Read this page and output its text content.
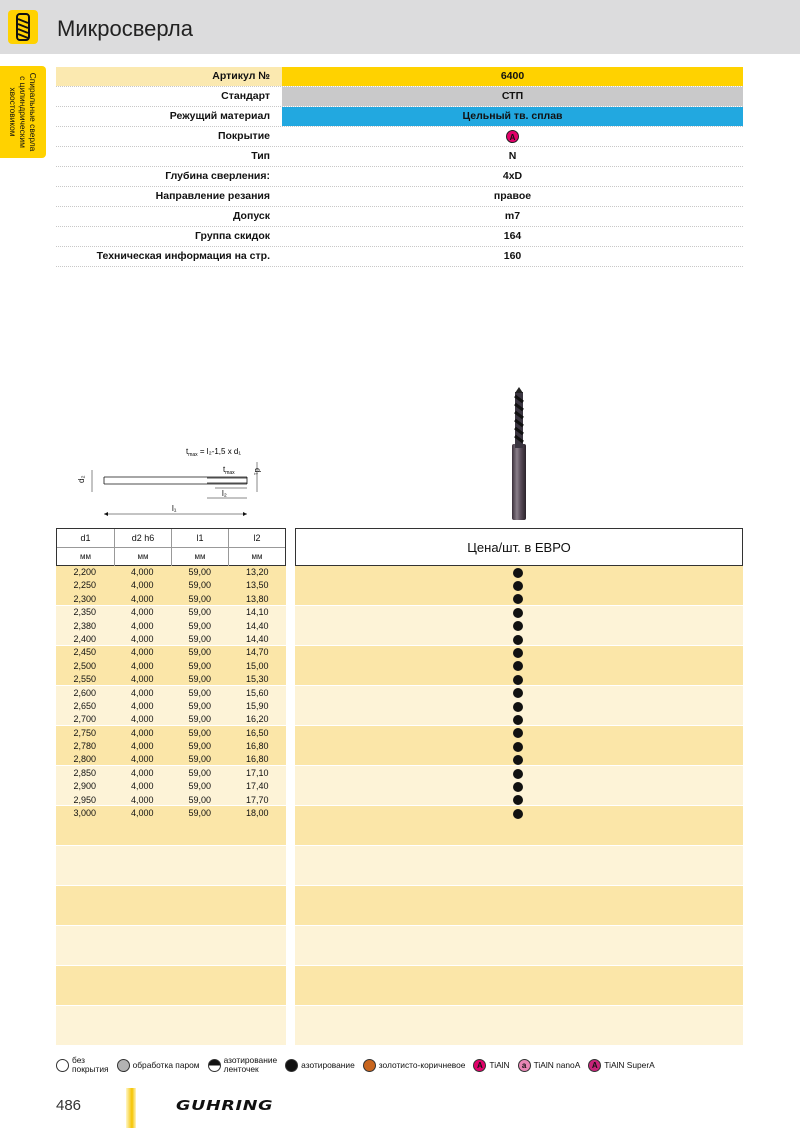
Микросверла
Спиральные сверла
с цилиндрическим
хвостовиком
Артикул №	6400
Стандарт	СТП
Режущий материал	Цельный тв. сплав
Покрытие	A
Тип	N
Глубина сверления:	4xD
Направление резания	правое
Допуск	m7
Группа скидок	164
Техническая информация на стр.	160
$t_{max} = l_2-1,5$ x d₁
d₂
d₁
$t_{max}$
l₂
l₁
d1	d2 h6	l1	l2
мм	мм	мм	мм
Цена/шт. в ЕВРО
2,200	4,000	59,00	13,20
2,250	4,000	59,00	13,50
2,300	4,000	59,00	13,80
2,350	4,000	59,00	14,10
2,380	4,000	59,00	14,40
2,400	4,000	59,00	14,40
2,450	4,000	59,00	14,70
2,500	4,000	59,00	15,00
2,550	4,000	59,00	15,30
2,600	4,000	59,00	15,60
2,650	4,000	59,00	15,90
2,700	4,000	59,00	16,20
2,750	4,000	59,00	16,50
2,780	4,000	59,00	16,80
2,800	4,000	59,00	16,80
2,850	4,000	59,00	17,10
2,900	4,000	59,00	17,40
2,950	4,000	59,00	17,70
3,000	4,000	59,00	18,00
без
покрытия	обработка паром	азотирование
ленточек	азотирование	золотисто-коричневое	A TiAlN	a TiAlN nanoA	A TiAlN SuperA
486	GUHRING
